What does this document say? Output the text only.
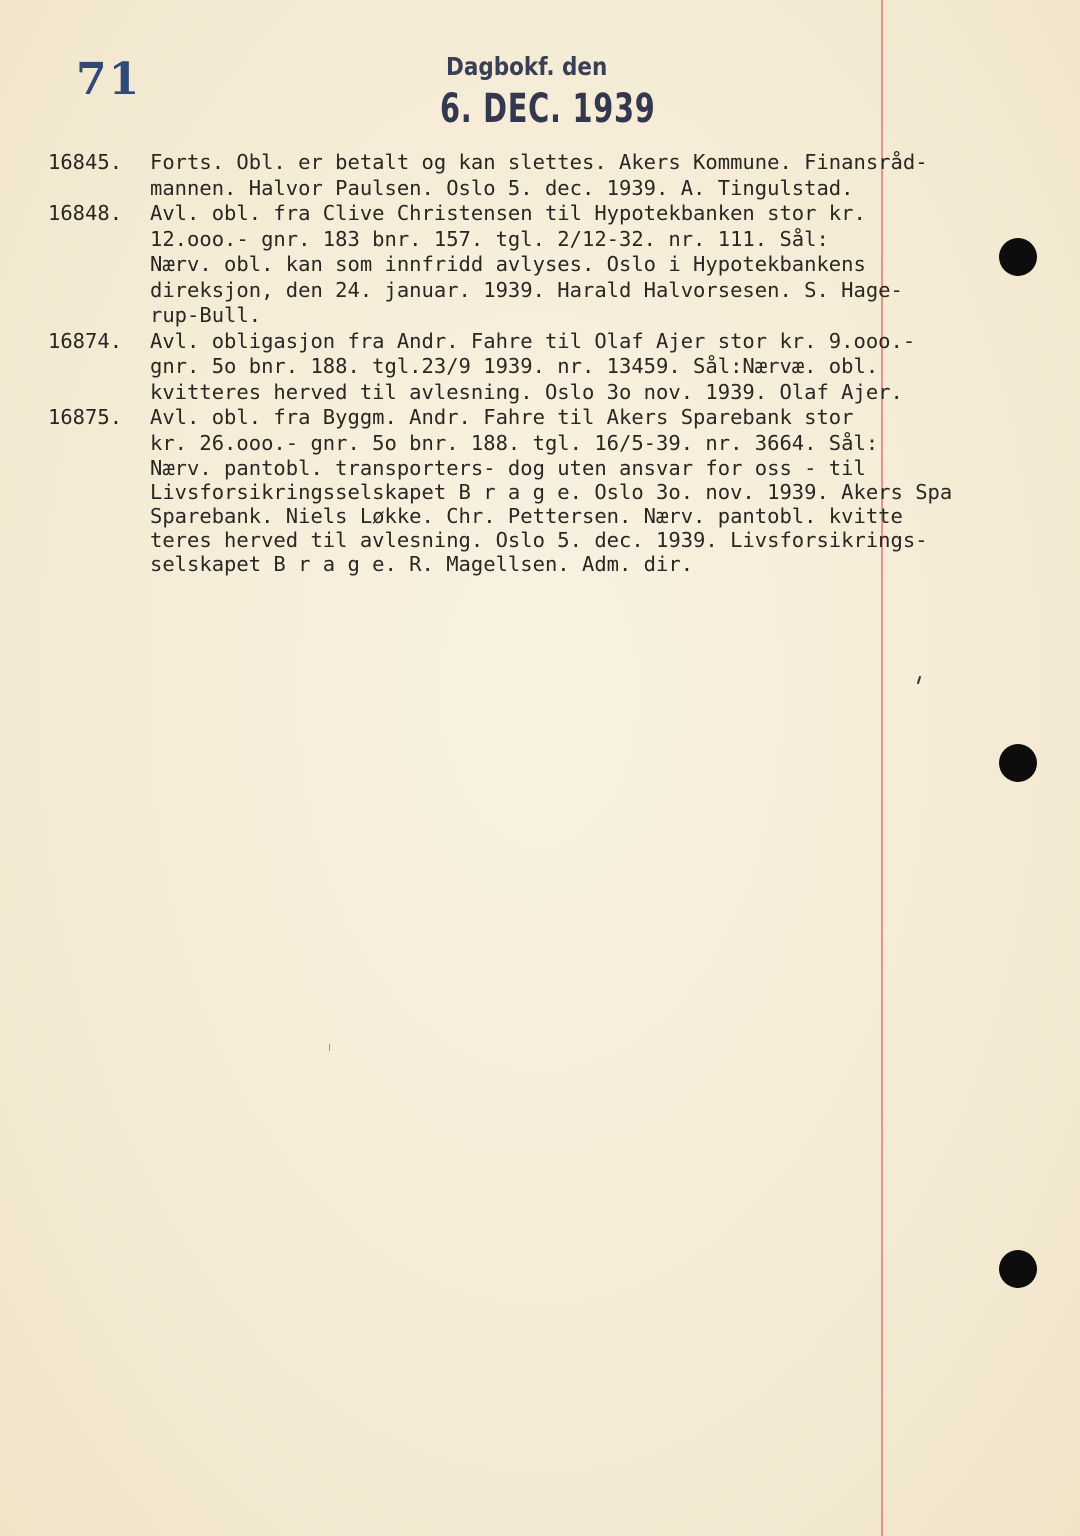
71	Dagbokf. den
6. DEC. 1939
16845.	Forts. Obl. er betalt og kan slettes. Akers Kommune. Finansråd-
mannen. Halvor Paulsen. Oslo 5. dec. 1939. A. Tingulstad.
16848.	Avl. obl. fra Clive Christensen til Hypotekbanken stor kr.
12.ooo.- gnr. 183 bnr. 157. tgl. 2/12-32. nr. 111. Sål:
Nærv. obl. kan som innfridd avlyses. Oslo i Hypotekbankens
direksjon, den 24. januar. 1939. Harald Halvorsesen. S. Hage-
rup-Bull.
16874.	Avl. obligasjon fra Andr. Fahre til Olaf Ajer stor kr. 9.ooo.-
gnr. 5o bnr. 188. tgl.23/9 1939. nr. 13459. Sål:Nærvæ. obl.
kvitteres herved til avlesning. Oslo 3o nov. 1939. Olaf Ajer.
16875.	Avl. obl. fra Byggm. Andr. Fahre til Akers Sparebank stor
kr. 26.ooo.- gnr. 5o bnr. 188. tgl. 16/5-39. nr. 3664. Sål:
Nærv. pantobl. transporters- dog uten ansvar for oss - til
Livsforsikringsselskapet B r a g e. Oslo 3o. nov. 1939. Akers Spa
Sparebank. Niels Løkke. Chr. Pettersen. Nærv. pantobl. kvitte
teres herved til avlesning. Oslo 5. dec. 1939. Livsforsikrings-
selskapet B r a g e. R. Magellsen. Adm. dir.
